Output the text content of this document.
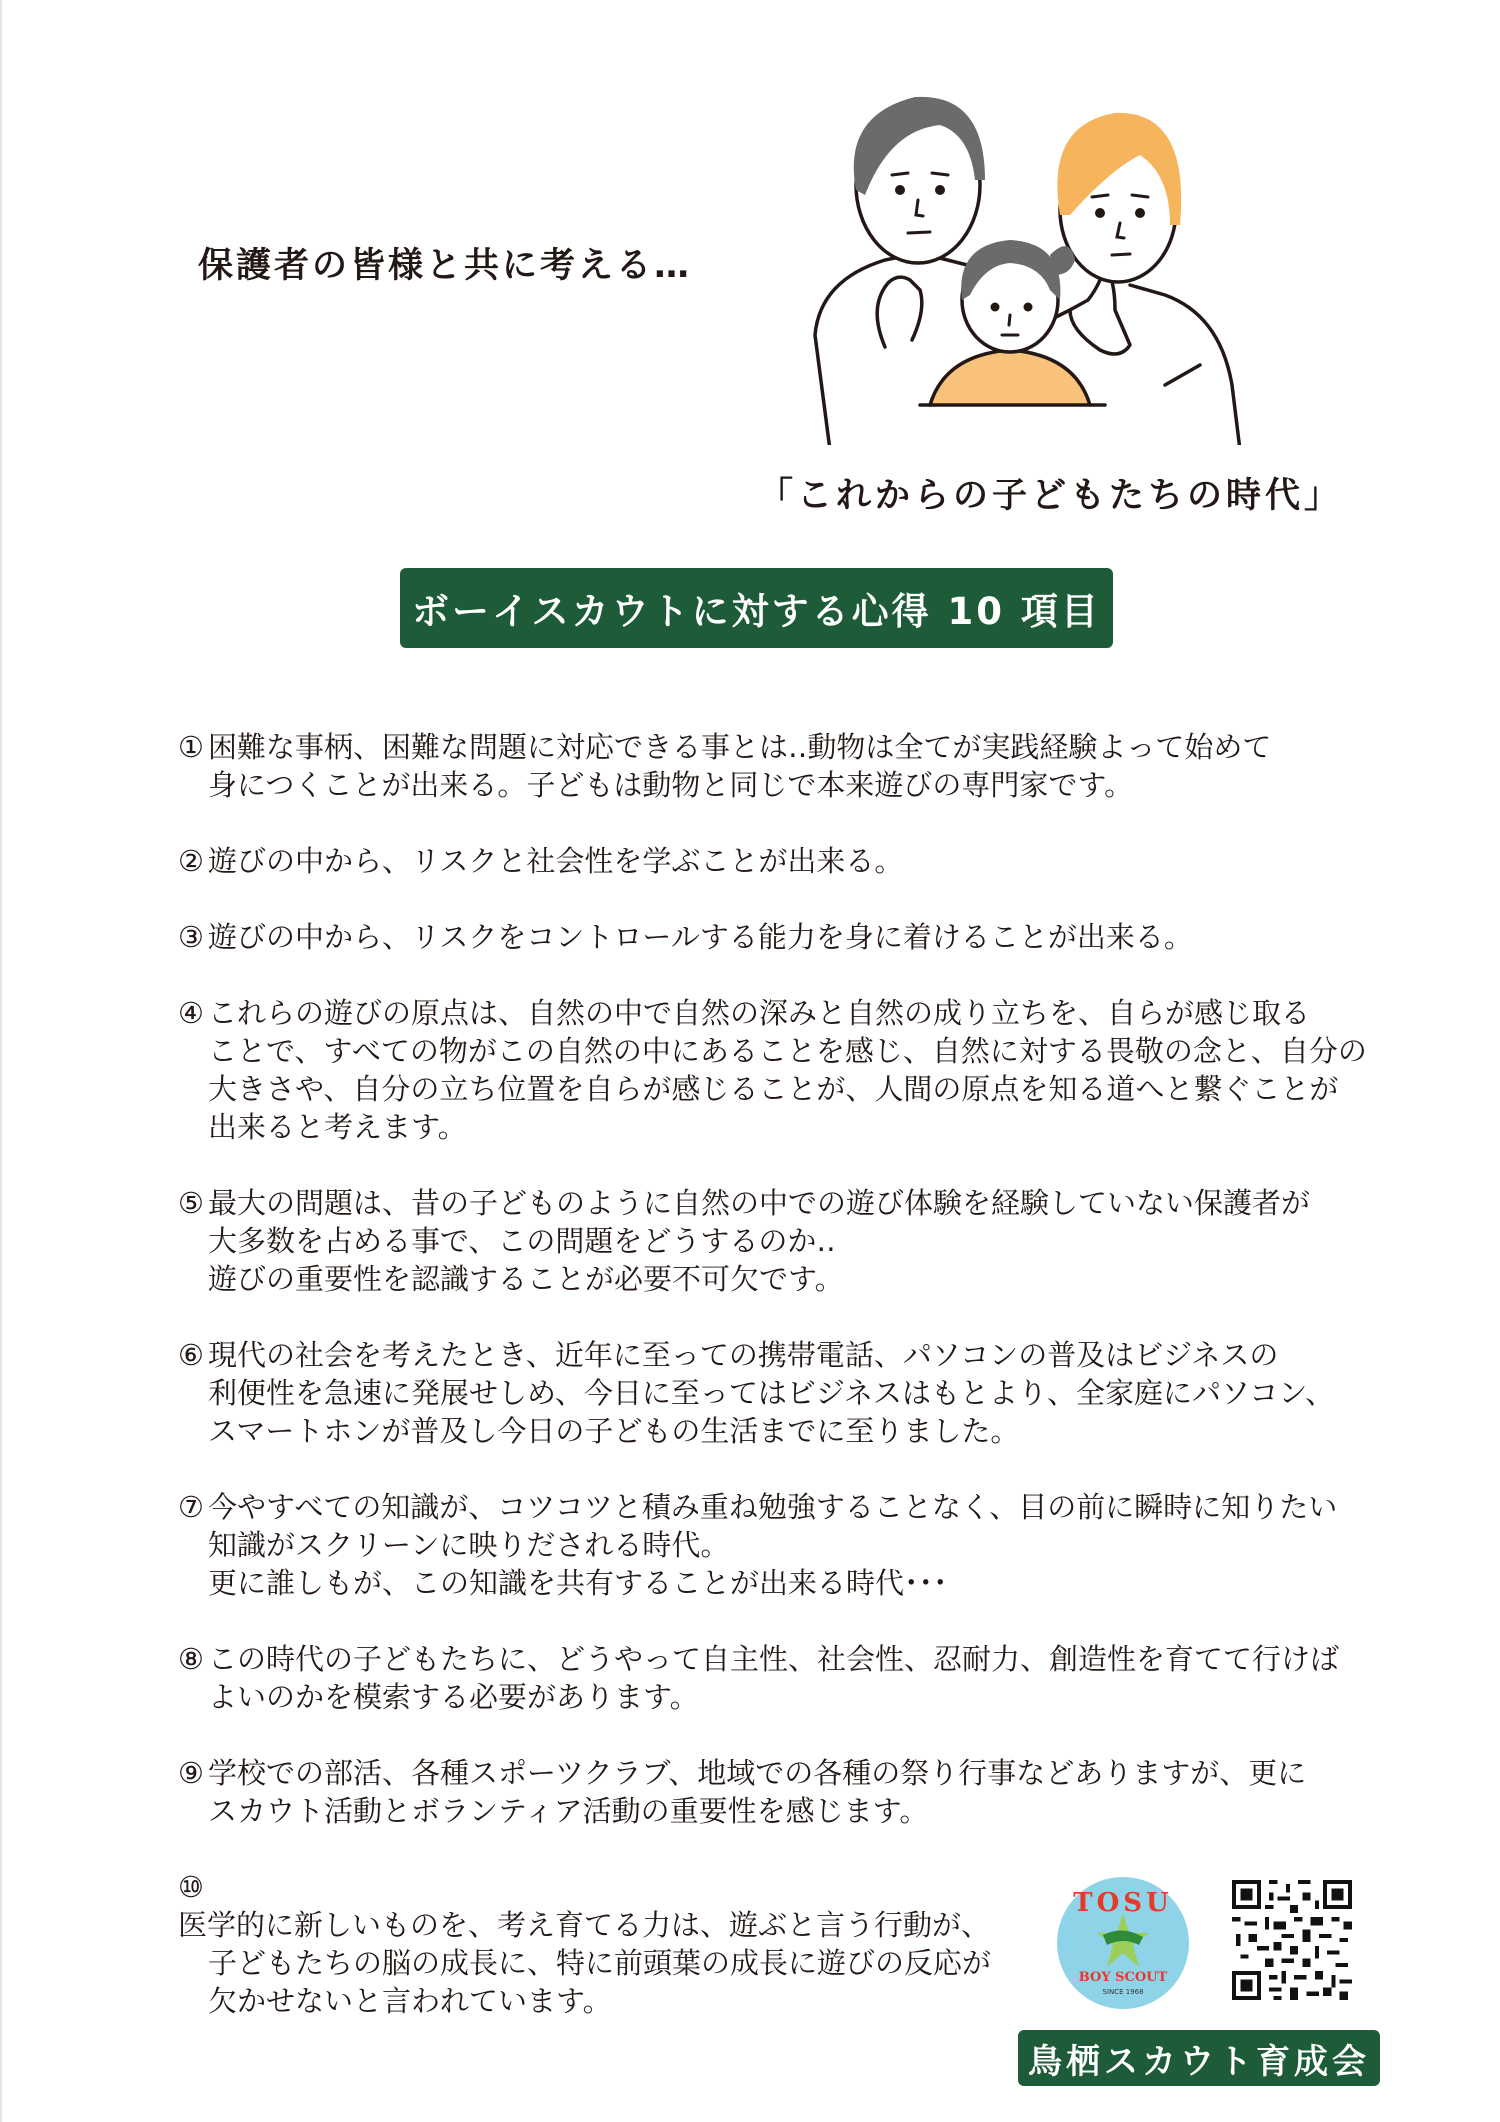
保護者の皆様と共に考える…
「これからの子どもたちの時代」
ボーイスカウトに対する心得 10 項目
① 困難な事柄、困難な問題に対応できる事とは‥動物は全てが実践経験よって始めて
身につくことが出来る。子どもは動物と同じで本来遊びの専門家です。
② 遊びの中から、リスクと社会性を学ぶことが出来る。
③ 遊びの中から、リスクをコントロールする能力を身に着けることが出来る。
④ これらの遊びの原点は、自然の中で自然の深みと自然の成り立ちを、自らが感じ取る
ことで、すべての物がこの自然の中にあることを感じ、自然に対する畏敬の念と、自分の
大きさや、自分の立ち位置を自らが感じることが、人間の原点を知る道へと繋ぐことが
出来ると考えます。
⑤ 最大の問題は、昔の子どものように自然の中での遊び体験を経験していない保護者が
大多数を占める事で、この問題をどうするのか‥
遊びの重要性を認識することが必要不可欠です。
⑥ 現代の社会を考えたとき、近年に至っての携帯電話、パソコンの普及はビジネスの
利便性を急速に発展せしめ、今日に至ってはビジネスはもとより、全家庭にパソコン、
スマートホンが普及し今日の子どもの生活までに至りました。
⑦ 今やすべての知識が、コツコツと積み重ね勉強することなく、目の前に瞬時に知りたい
知識がスクリーンに映りだされる時代。
更に誰しもが、この知識を共有することが出来る時代･･･
⑧ この時代の子どもたちに、どうやって自主性、社会性、忍耐力、創造性を育てて行けば
よいのかを模索する必要があります。
⑨ 学校での部活、各種スポーツクラブ、地域での各種の祭り行事などありますが、更に
スカウト活動とボランティア活動の重要性を感じます。
⑩医学的に新しいものを、考え育てる力は、遊ぶと言う行動が、
子どもたちの脳の成長に、特に前頭葉の成長に遊びの反応が
欠かせないと言われています。
TOSU
BOY SCOUT
SINCE 1968
鳥栖スカウト育成会
